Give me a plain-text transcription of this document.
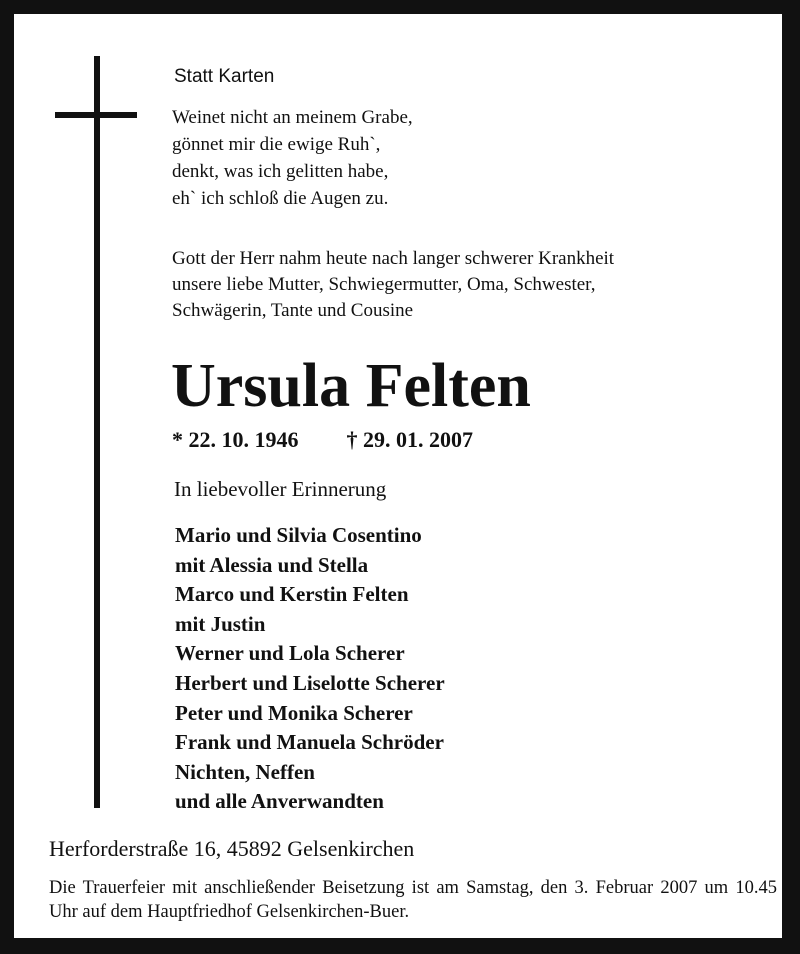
Statt Karten
Weinet nicht an meinem Grabe,
gönnet mir die ewige Ruh`,
denkt, was ich gelitten habe,
eh` ich schloß die Augen zu.
Gott der Herr nahm heute nach langer schwerer Krankheit
unsere liebe Mutter, Schwiegermutter, Oma, Schwester,
Schwägerin, Tante und Cousine
Ursula Felten
* 22. 10. 1946 † 29. 01. 2007
In liebevoller Erinnerung
Mario und Silvia Cosentino
mit Alessia und Stella
Marco und Kerstin Felten
mit Justin
Werner und Lola Scherer
Herbert und Liselotte Scherer
Peter und Monika Scherer
Frank und Manuela Schröder
Nichten, Neffen
und alle Anverwandten
Herforderstraße 16, 45892 Gelsenkirchen
Die Trauerfeier mit anschließender Beisetzung ist am Samstag, den 3. Februar 2007 um 10.45 Uhr auf dem Hauptfriedhof Gelsenkirchen-Buer.
